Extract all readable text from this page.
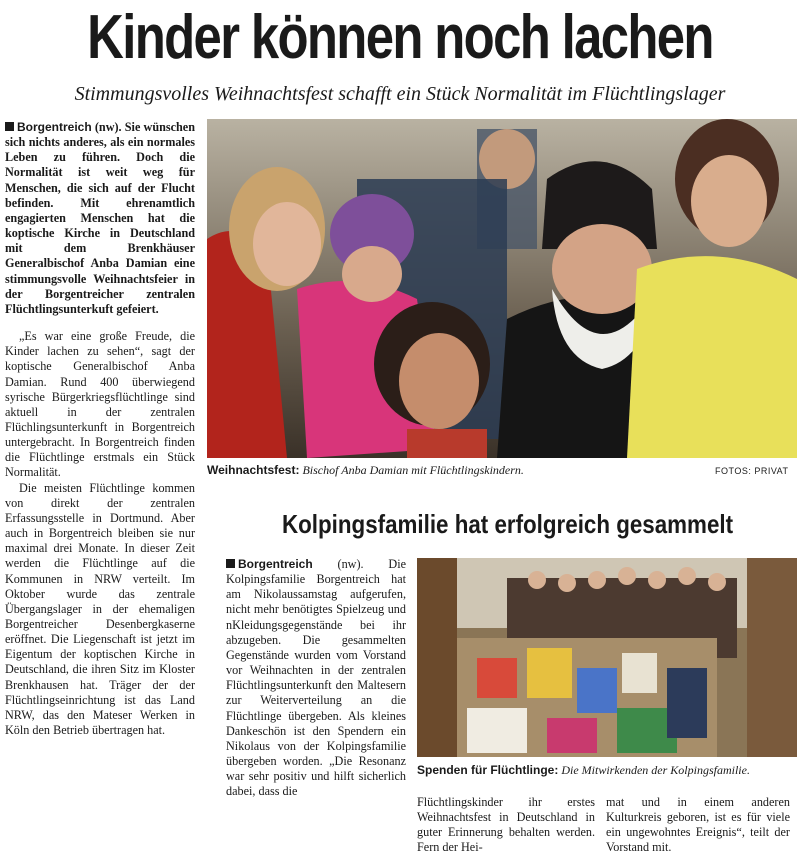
Kinder können noch lachen
Stimmungsvolles Weihnachtsfest schafft ein Stück Normalität im Flüchtlingslager

Borgentreich (nw). Sie wünschen sich nichts anderes, als ein normales Leben zu führen. Doch die Normalität ist weit weg für Menschen, die sich auf der Flucht befinden. Mit ehrenamtlich engagierten Menschen hat die koptische Kirche in Deutschland mit dem Brenkhäuser Generalbischof Anba Damian eine stimmungsvolle Weihnachtsfeier in der Borgentreicher zentralen Flüchtlingsunterkuft gefeiert.

„Es war eine große Freude, die Kinder lachen zu sehen“, sagt der koptische Generalbischof Anba Damian. Rund 400 überwiegend syrische Bürgerkriegsflüchtlinge sind aktuell in der zentralen Flüchlingsunterkunft in Borgentreich untergebracht. In Borgentreich finden die Flüchtlinge erstmals ein Stück Normalität.

Die meisten Flüchtlinge kommen von direkt der zentralen Erfassungsstelle in Dortmund. Aber auch in Borgentreich bleiben sie nur maximal drei Monate. In dieser Zeit werden die Flüchtlinge auf die Kommunen in NRW verteilt. Im Oktober wurde das zentrale Übergangslager in der ehemaligen Borgentreicher Desenbergkaserne eröffnet. Die Liegenschaft ist jetzt im Eigentum der koptischen Kirche in Deutschland, die ihren Sitz im Kloster Brenkhausen hat. Träger der der Flüchtlingseinrichtung ist das Land NRW, das den Mateser Werken in Köln den Betrieb übertragen hat.

Weihnachtsfest: Bischof Anba Damian mit Flüchtlingskindern.	FOTOS: PRIVAT
Kolpingsfamilie hat erfolgreich gesammelt

Borgentreich (nw). Die Kolpingsfamilie Borgentreich hat am Nikolaussamstag aufgerufen, nicht mehr benötigtes Spielzeug und nKleidungsgegenstände bei ihr abzugeben. Die gesammelten Gegenstände wurden vom Vorstand vor Weihnachten in der zentralen Flüchtlingsunterkunft den Maltesern zur Weiterverteilung an die Flüchtlinge übergeben. Als kleines Dankeschön ist den Spendern ein Nikolaus von der Kolpingsfamilie übergeben worden. „Die Resonanz war sehr positiv und hilft sicherlich dabei, dass die

Spenden für Flüchtlinge: Die Mitwirkenden der Kolpingsfamilie.

Flüchtlingskinder ihr erstes Weihnachtsfest in Deutschland in guter Erinnerung behalten werden. Fern der Hei-

mat und in einem anderen Kulturkreis geboren, ist es für viele ein ungewohntes Ereignis“, teilt der Vorstand mit.
